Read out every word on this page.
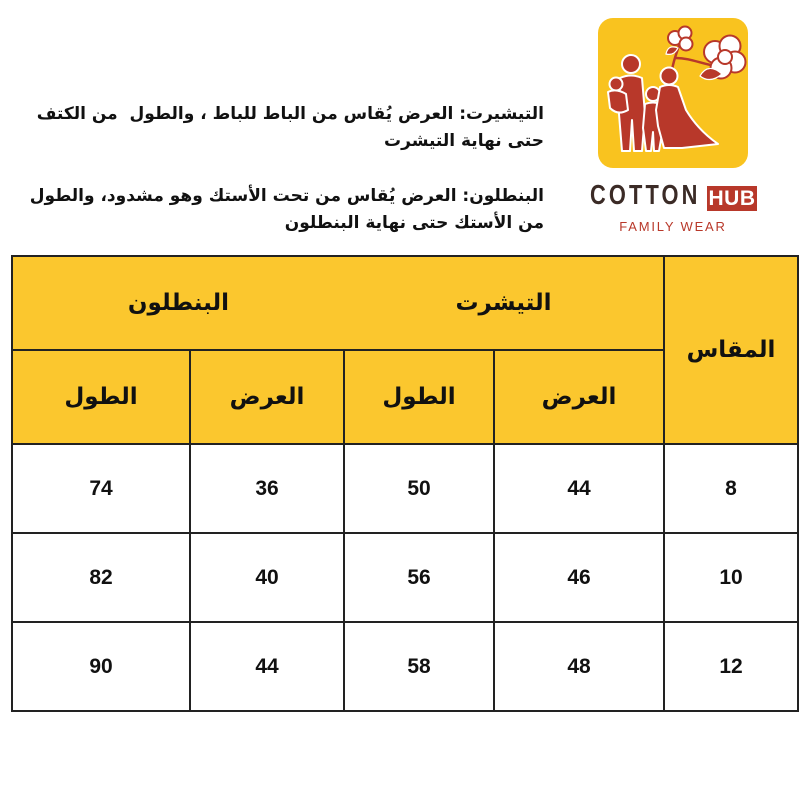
التيشيرت: العرض يُقاس من الباط للباط ، والطول  من الكتف
حتى نهاية التيشرت
البنطلون: العرض يُقاس من تحت الأستك وهو مشدود، والطول
من الأستك حتى نهاية البنطلون
COTTON HUB
FAMILY WEAR
المقاس	التيشرت		البنطلون	
	العرض	الطول	العرض	الطول
8	44	50	36	74
10	46	56	40	82
12	48	58	44	90
